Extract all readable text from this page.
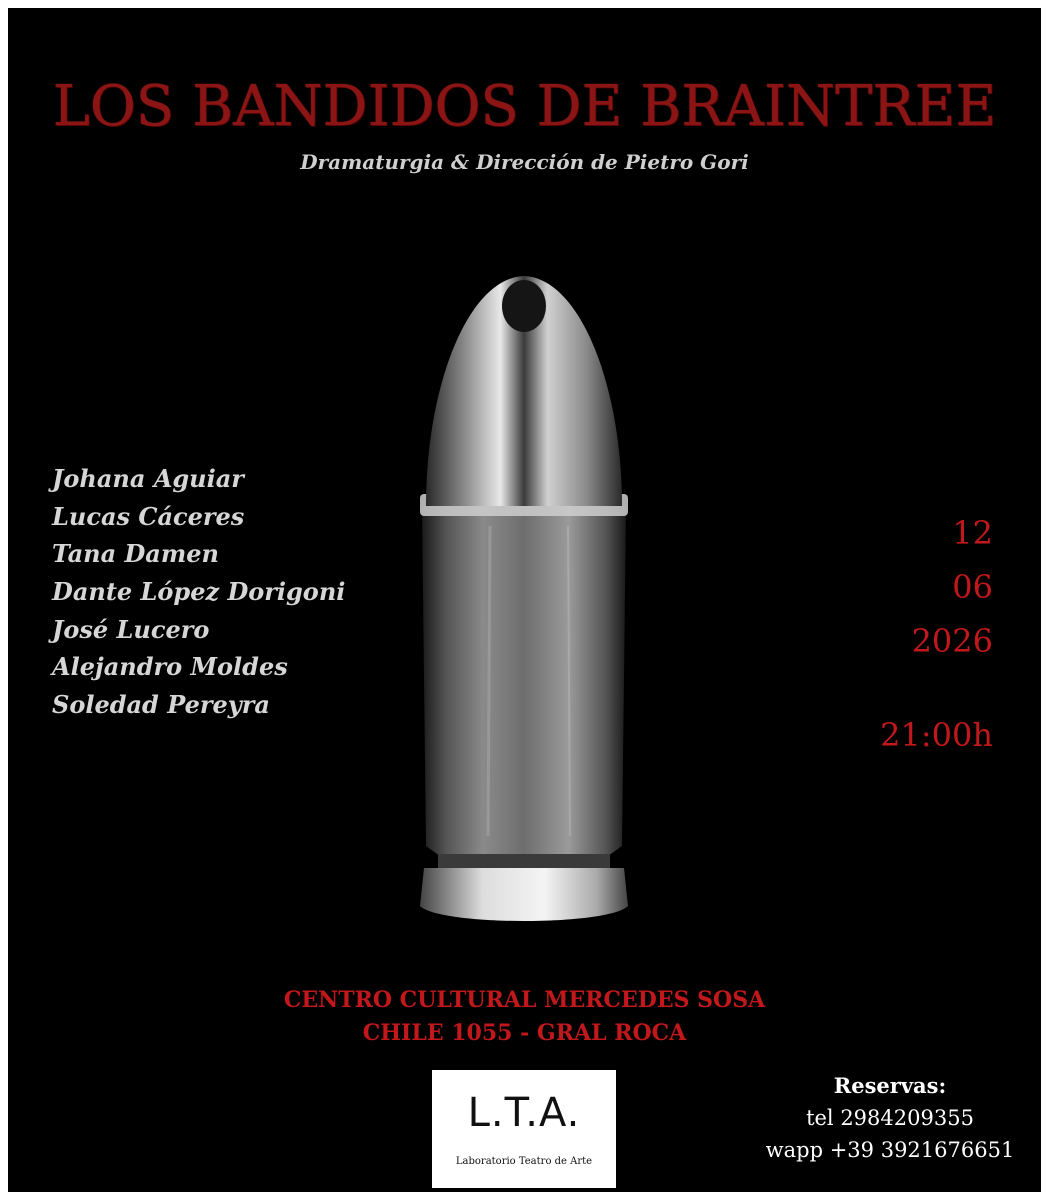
LOS BANDIDOS DE BRAINTREE
Dramaturgia & Dirección de Pietro Gori
Johana Aguiar
Lucas Cáceres
Tana Damen
Dante López Dorigoni
José Lucero
Alejandro Moldes
Soledad Pereyra
12
06
2026
21:00h
CENTRO CULTURAL MERCEDES SOSA
CHILE 1055 - GRAL ROCA
L.T.A.
Laboratorio Teatro de Arte
Reservas:
tel 2984209355
wapp +39 3921676651
